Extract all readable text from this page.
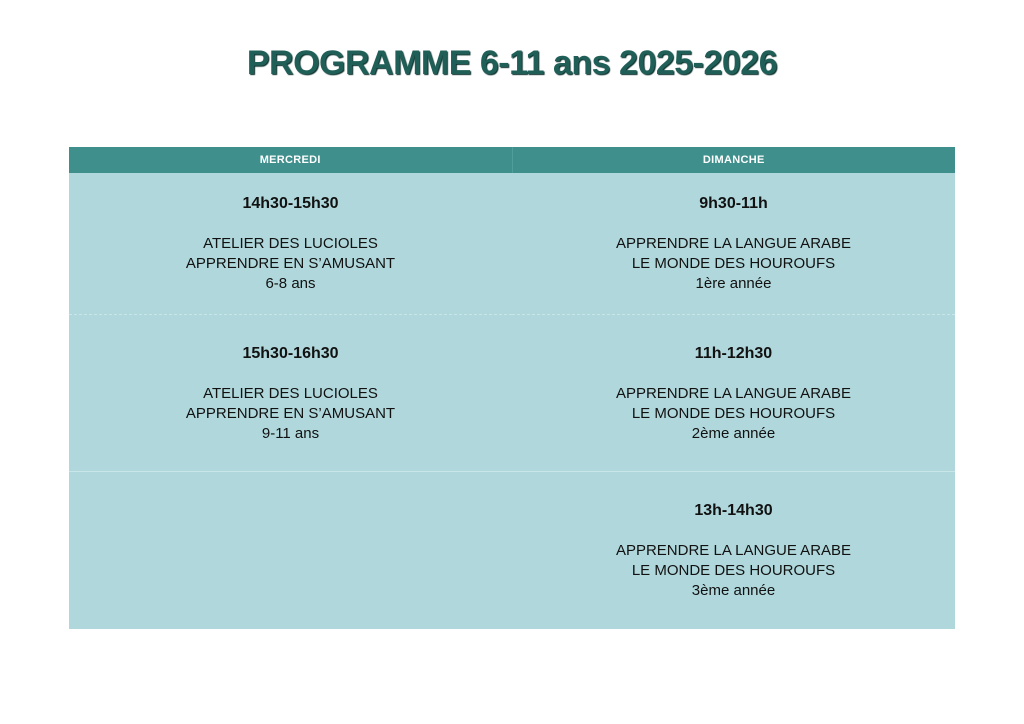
PROGRAMME 6-11 ans 2025-2026
MERCREDI	DIMANCHE
14h30-15h30
ATELIER DES LUCIOLES
APPRENDRE EN S’AMUSANT
6-8 ans
15h30-16h30
ATELIER DES LUCIOLES
APPRENDRE EN S’AMUSANT
9-11 ans
9h30-11h
APPRENDRE LA LANGUE ARABE
LE MONDE DES HOUROUFS
1ère année
11h-12h30
APPRENDRE LA LANGUE ARABE
LE MONDE DES HOUROUFS
2ème année
13h-14h30
APPRENDRE LA LANGUE ARABE
LE MONDE DES HOUROUFS
3ème année
